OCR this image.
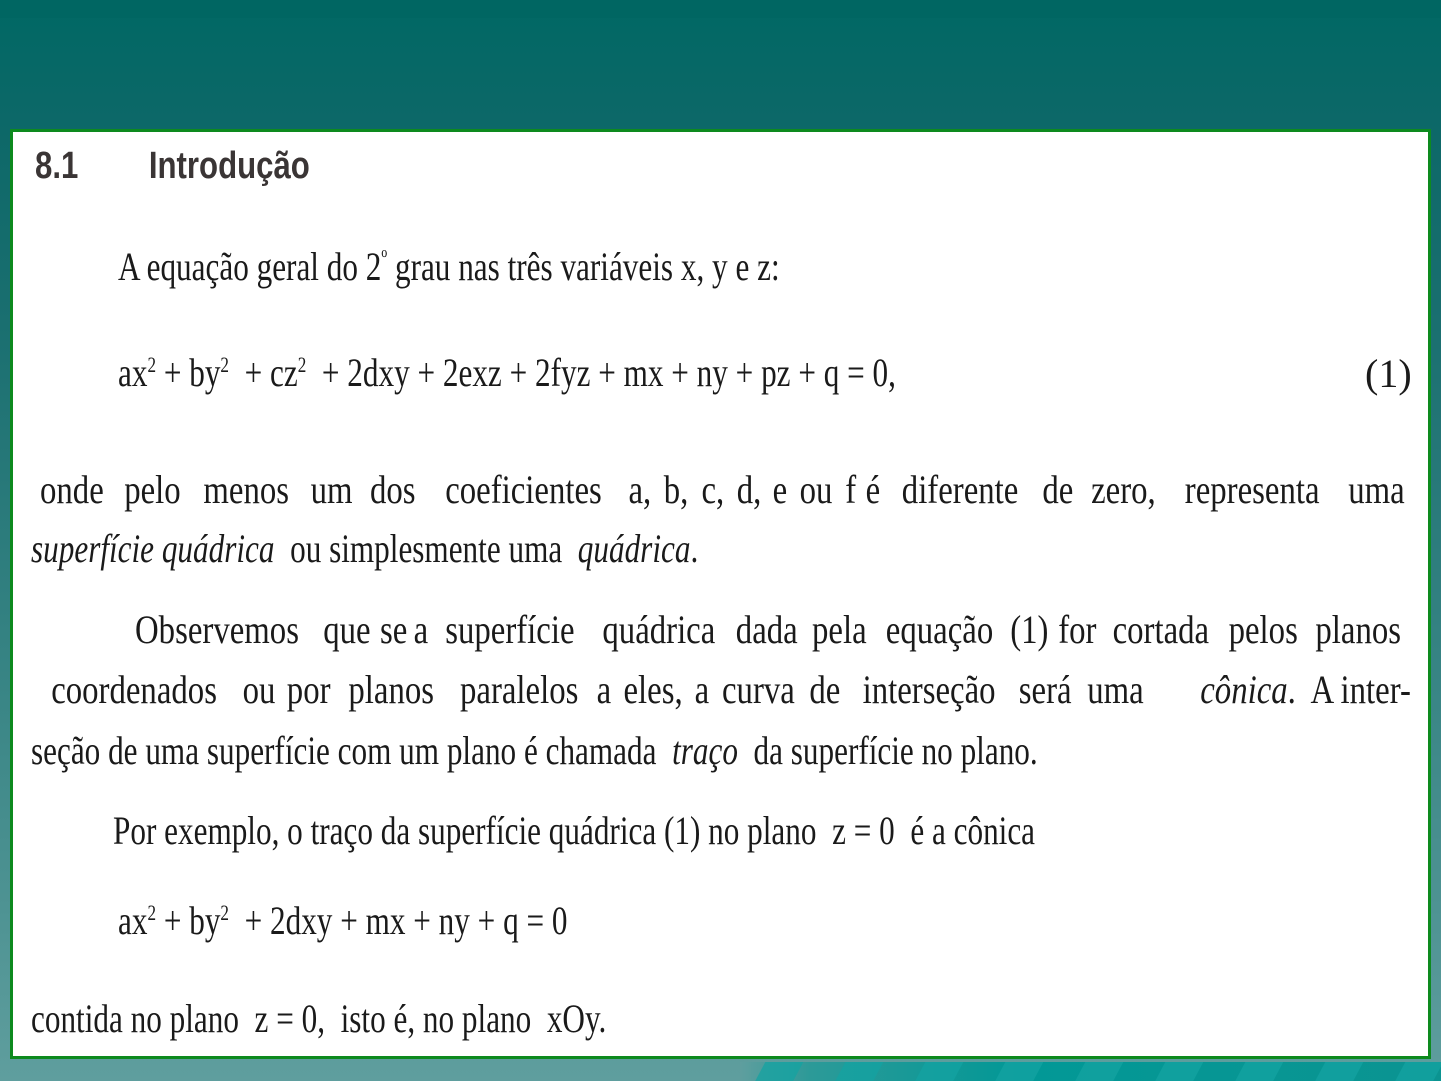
8.1 Introdução
A equação geral do $2^º$ grau nas três variáveis x, y e z:
$ax^2 + by^2 + cz^2 + 2dxy + 2exz + 2fyz$ + mx + ny + pz + q = 0,	(1)
onde pelo menos um dos coeficientes a, b, c, d, e ou f é diferente de zero, representa uma
superfície quádrica  ou simplesmente uma  quádrica.
Observemos que se a superfície quádrica dada pela equação (1) for cortada pelos planos
coordenados ou por planos paralelos a eles, a curva de interseção será uma cônica.  A inter-
seção de uma superfície com um plano é chamada  traço  da superfície no plano.
Por exemplo, o traço da superfície quádrica (1) no plano  z = 0  é a cônica
$ax^2 + by^2 + 2dxy$ + mx + ny + q = 0
contida no plano  z = 0,  isto é, no plano  xOy.
